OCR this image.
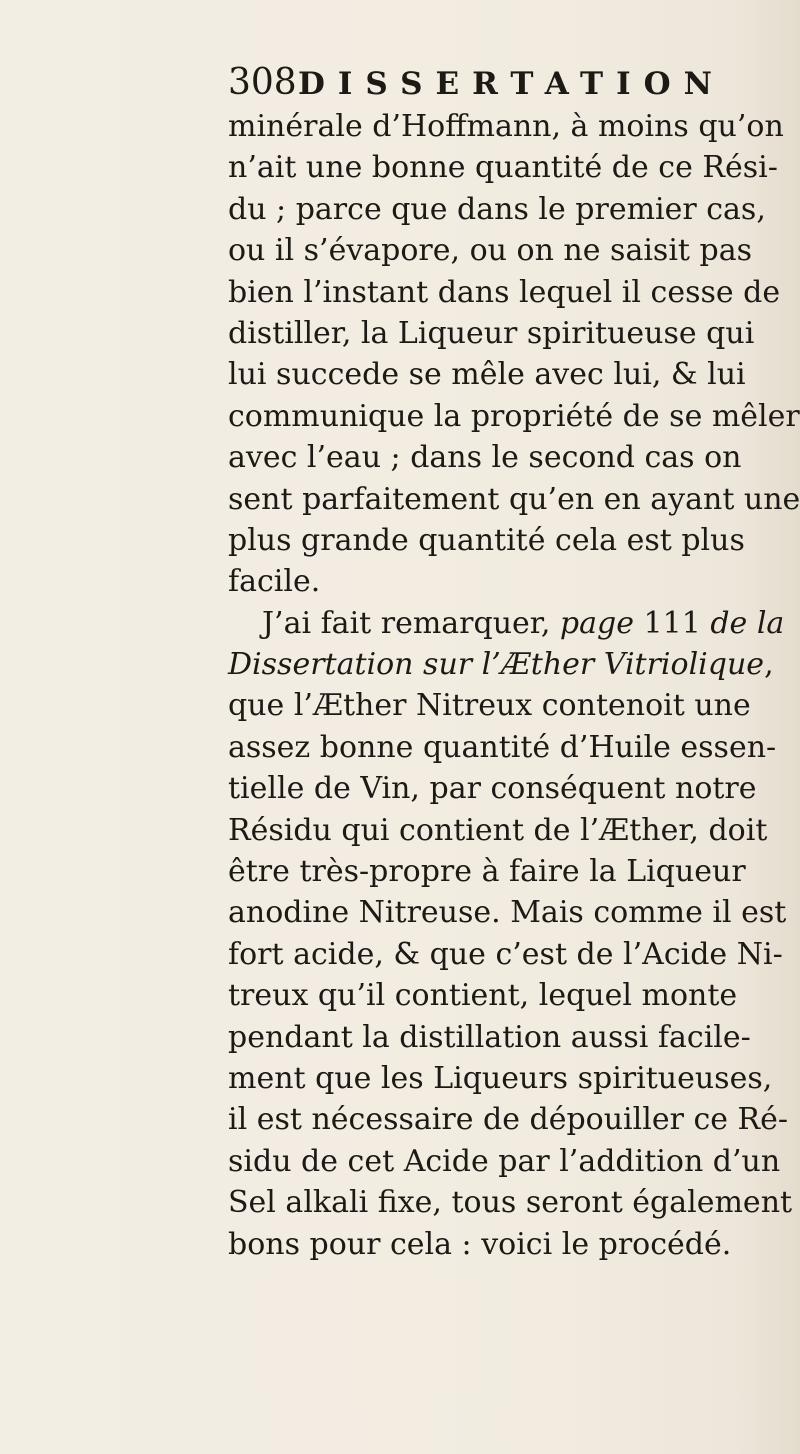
308DISSERTATION
minérale d’Hoffmann, à moins qu’on
n’ait une bonne quantité de ce Rési-
du ; parce que dans le premier cas,
ou il s’évapore, ou on ne saisit pas
bien l’instant dans lequel il cesse de
distiller, la Liqueur spiritueuse qui
lui succede se mêle avec lui, & lui
communique la propriété de se mêler
avec l’eau ; dans le second cas on
sent parfaitement qu’en en ayant une
plus grande quantité cela est plus
facile.
J’ai fait remarquer, page 111 de la
Dissertation sur l’Æther Vitriolique,
que l’Æther Nitreux contenoit une
assez bonne quantité d’Huile essen-
tielle de Vin, par conséquent notre
Résidu qui contient de l’Æther, doit
être très-propre à faire la Liqueur
anodine Nitreuse. Mais comme il est
fort acide, & que c’est de l’Acide Ni-
treux qu’il contient, lequel monte
pendant la distillation aussi facile-
ment que les Liqueurs spiritueuses,
il est nécessaire de dépouiller ce Ré-
sidu de cet Acide par l’addition d’un
Sel alkali fixe, tous seront également
bons pour cela : voici le procédé.
